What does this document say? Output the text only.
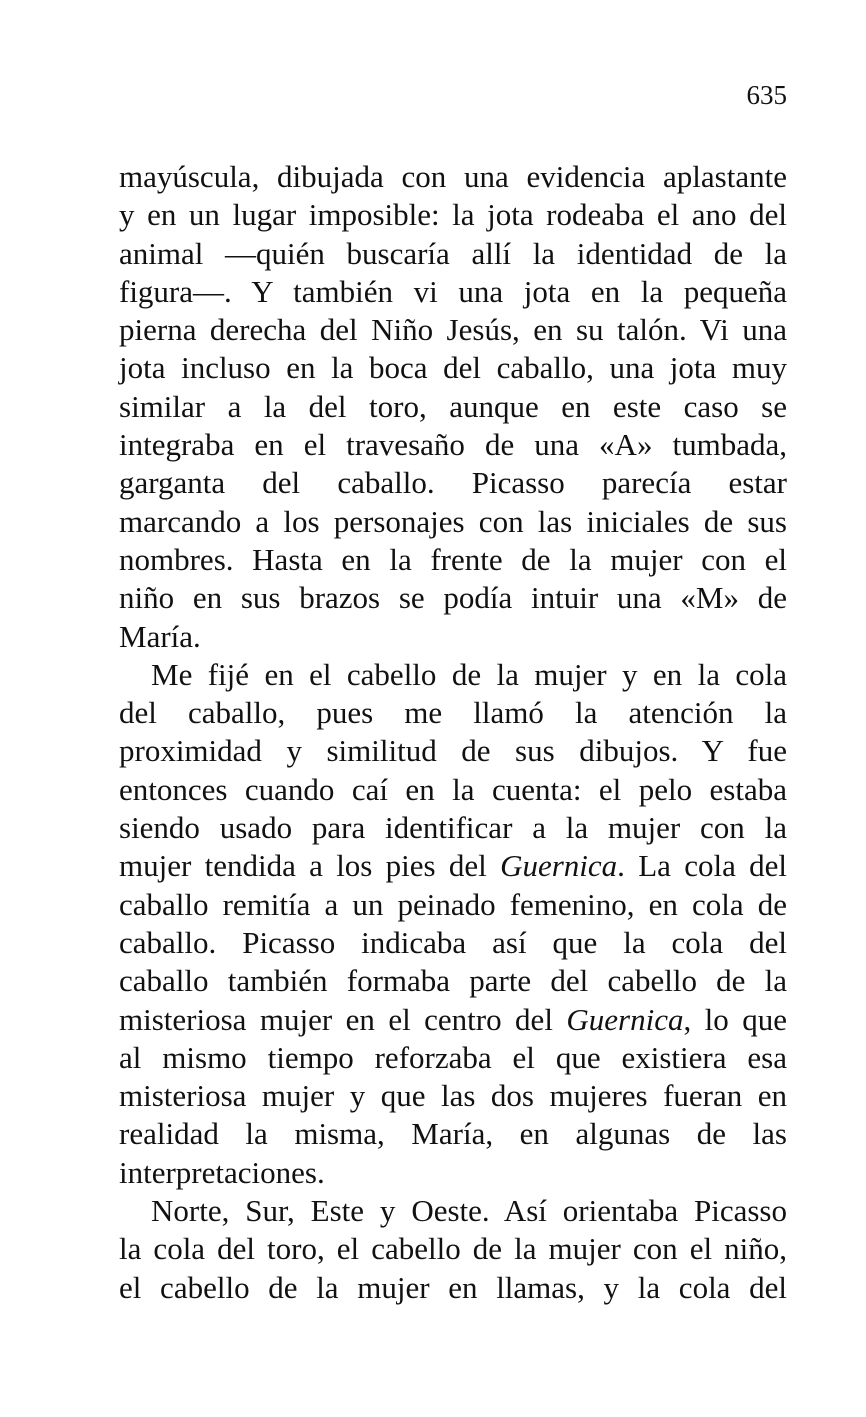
635

mayúscula, dibujada con una evidencia aplastante
y en un lugar imposible: la jota rodeaba el ano del
animal —quién buscaría allí la identidad de la
figura—. Y también vi una jota en la pequeña
pierna derecha del Niño Jesús, en su talón. Vi una
jota incluso en la boca del caballo, una jota muy
similar a la del toro, aunque en este caso se
integraba en el travesaño de una «A» tumbada,
garganta del caballo. Picasso parecía estar
marcando a los personajes con las iniciales de sus
nombres. Hasta en la frente de la mujer con el
niño en sus brazos se podía intuir una «M» de
María.

Me fijé en el cabello de la mujer y en la cola
del caballo, pues me llamó la atención la
proximidad y similitud de sus dibujos. Y fue
entonces cuando caí en la cuenta: el pelo estaba
siendo usado para identificar a la mujer con la
mujer tendida a los pies del Guernica. La cola del
caballo remitía a un peinado femenino, en cola de
caballo. Picasso indicaba así que la cola del
caballo también formaba parte del cabello de la
misteriosa mujer en el centro del Guernica, lo que
al mismo tiempo reforzaba el que existiera esa
misteriosa mujer y que las dos mujeres fueran en
realidad la misma, María, en algunas de las
interpretaciones.

Norte, Sur, Este y Oeste. Así orientaba Picasso
la cola del toro, el cabello de la mujer con el niño,
el cabello de la mujer en llamas, y la cola del
